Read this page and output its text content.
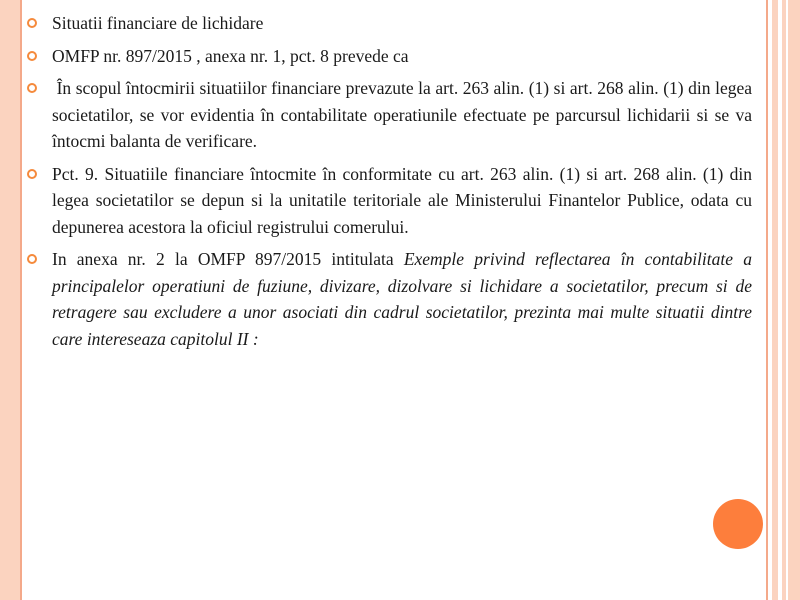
Situatii financiare de lichidare
OMFP nr. 897/2015 , anexa nr. 1, pct. 8 prevede ca
În scopul întocmirii situatiilor financiare prevazute la art. 263 alin. (1) si art. 268 alin. (1) din legea societatilor, se vor evidentia în contabilitate operatiunile efectuate pe parcursul lichidarii si se va întocmi balanta de verificare.
Pct. 9. Situatiile financiare întocmite în conformitate cu art. 263 alin. (1) si art. 268 alin. (1) din legea societatilor se depun si la unitatile teritoriale ale Ministerului Finantelor Publice, odata cu depunerea acestora la oficiul registrului comerului.
In anexa nr. 2 la OMFP 897/2015 intitulata Exemple privind reflectarea în contabilitate a principalelor operatiuni de fuziune, divizare, dizolvare si lichidare a societatilor, precum si de retragere sau excludere a unor asociati din cadrul societatilor, prezinta mai multe situatii dintre care intereseaza capitolul II :
